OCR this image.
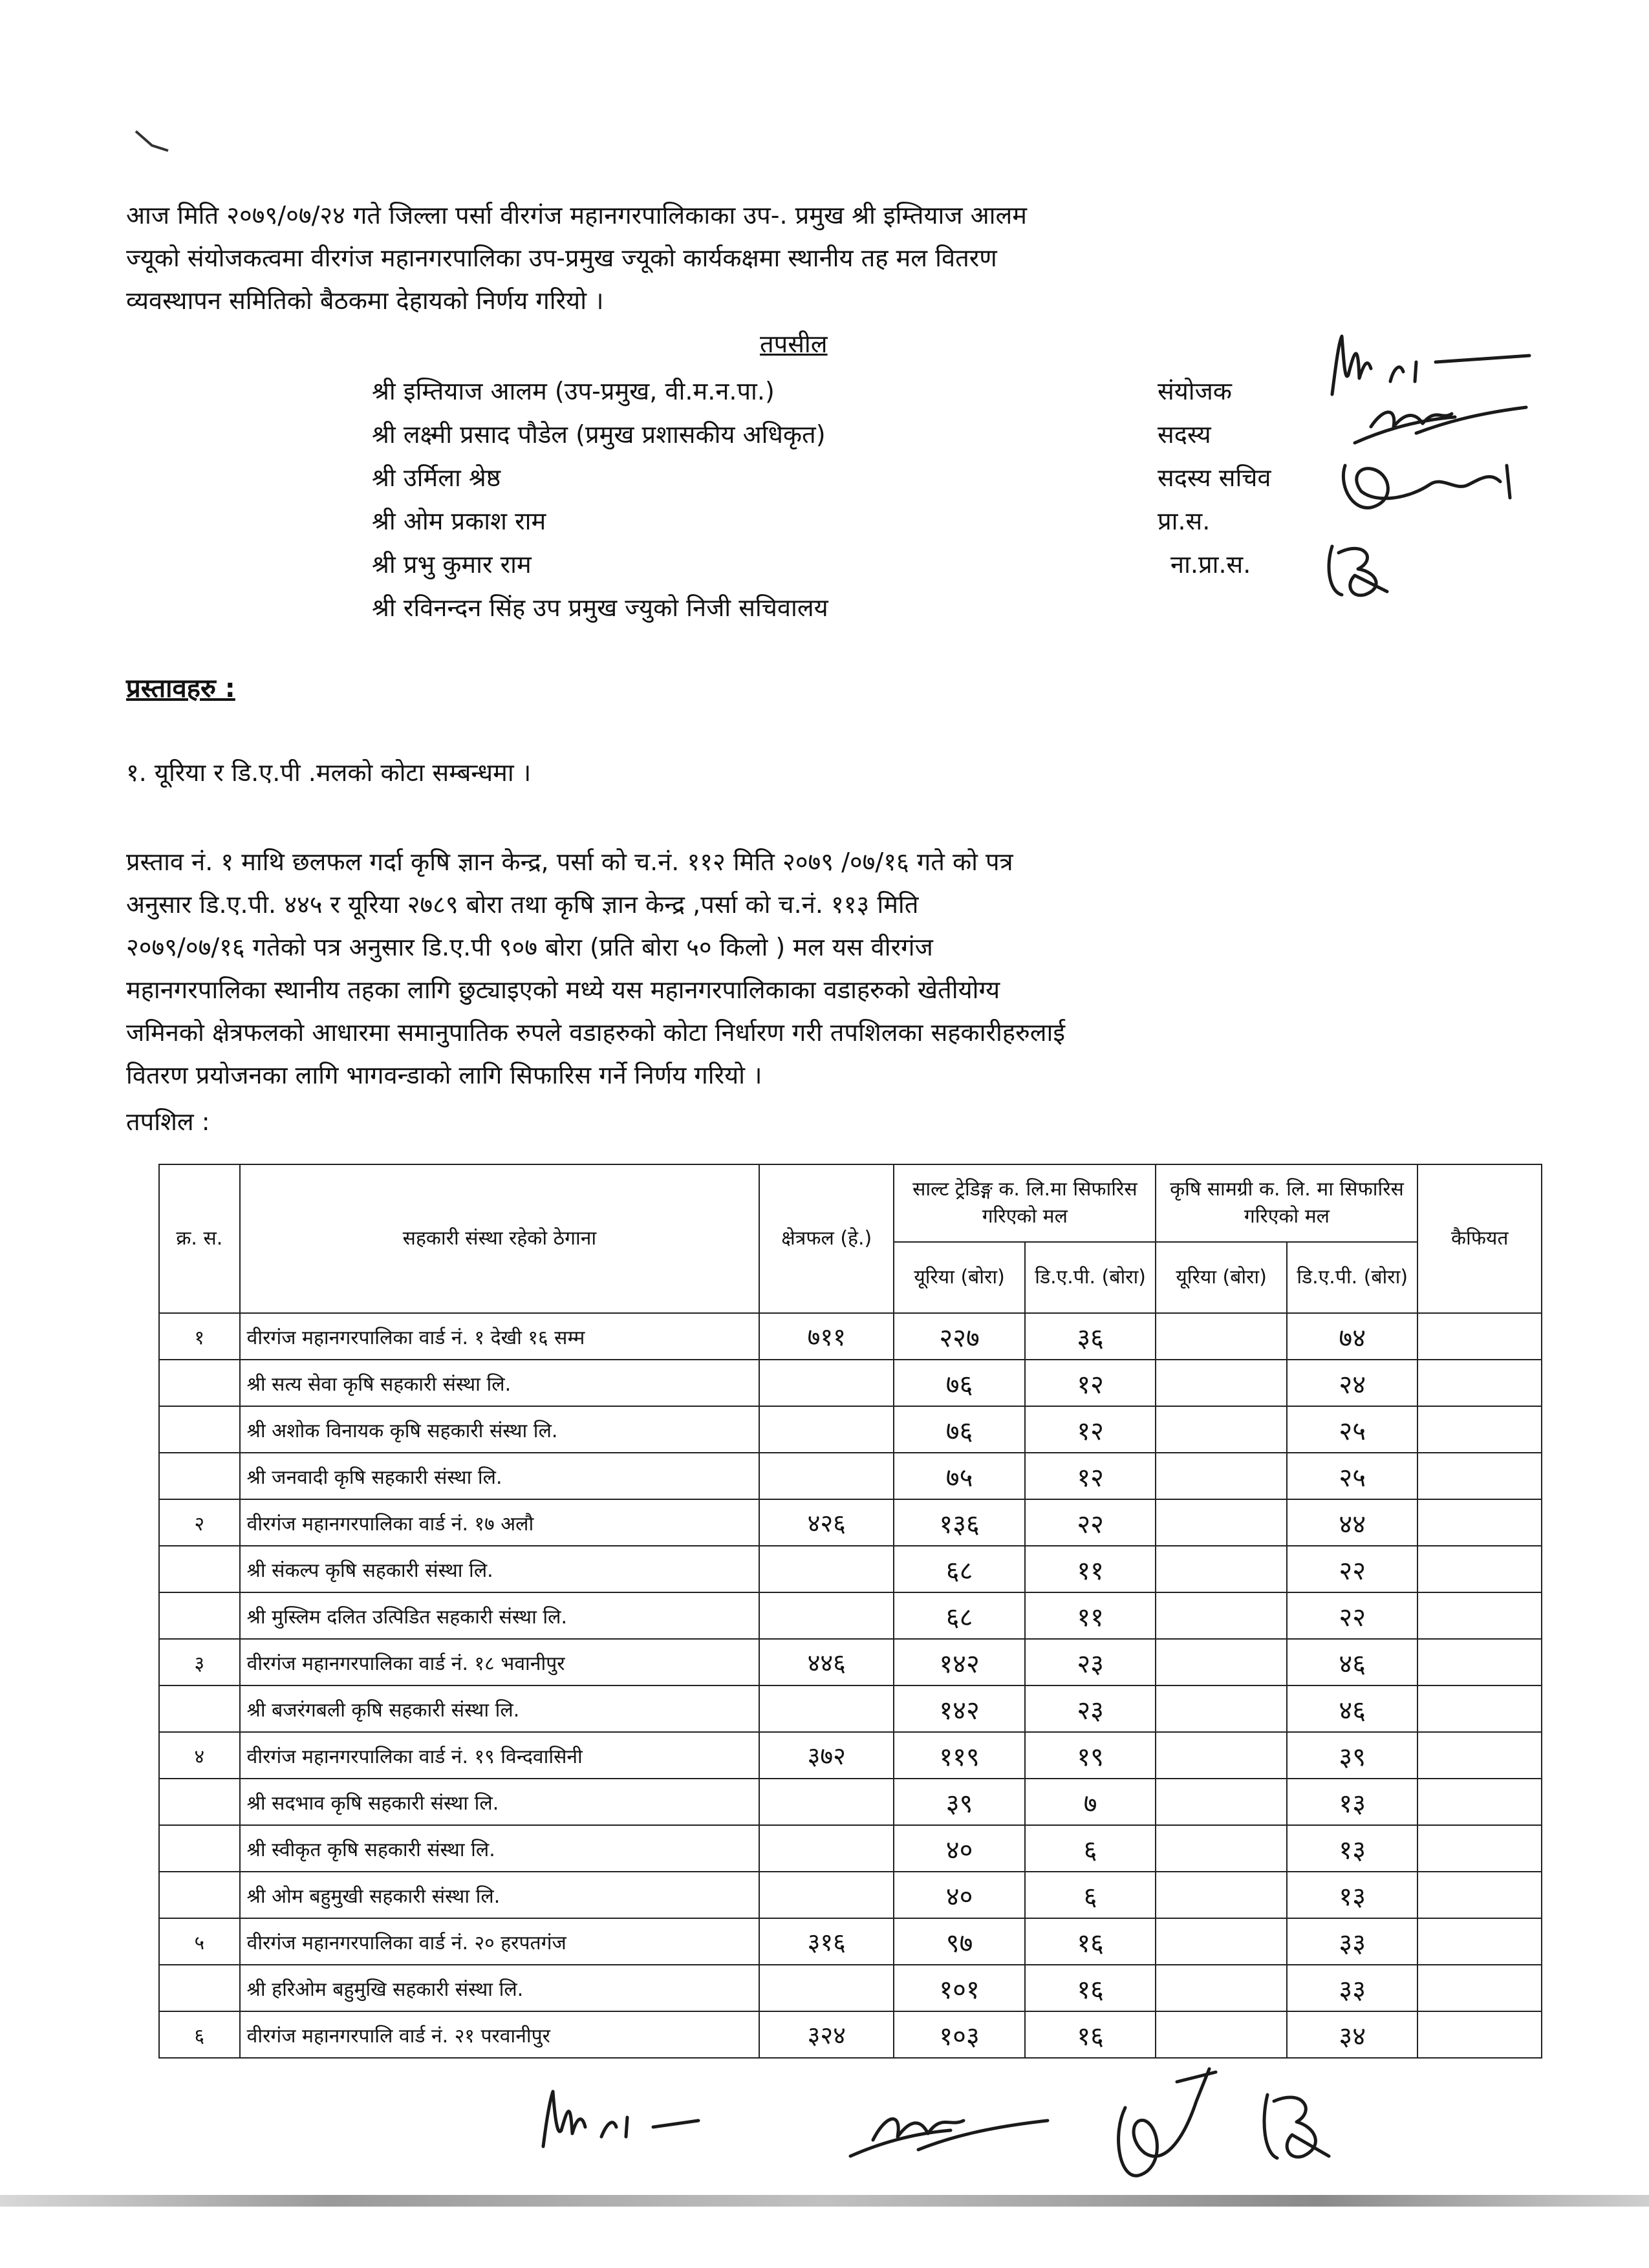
आज मिति २०७९/०७/२४ गते जिल्ला पर्सा वीरगंज महानगरपालिकाका उप-. प्रमुख श्री इम्तियाज आलम
ज्यूको संयोजकत्वमा वीरगंज महानगरपालिका उप-प्रमुख ज्यूको कार्यकक्षमा स्थानीय तह मल वितरण
व्यवस्थापन समितिको बैठकमा देहायको निर्णय गरियो ।
तपसील
श्री इम्तियाज आलम (उप-प्रमुख, वी.म.न.पा.)	संयोजक
श्री लक्ष्मी प्रसाद पौडेल (प्रमुख प्रशासकीय अधिकृत)	सदस्य
श्री उर्मिला श्रेष्ठ	सदस्य सचिव
श्री ओम प्रकाश राम	प्रा.स.
श्री प्रभु कुमार राम	ना.प्रा.स.
श्री रविनन्दन सिंह उप प्रमुख ज्युको निजी सचिवालय
प्रस्तावहरु :
१. यूरिया र डि.ए.पी .मलको कोटा सम्बन्धमा ।
प्रस्ताव नं. १ माथि छलफल गर्दा कृषि ज्ञान केन्द्र, पर्सा को च.नं. ११२ मिति २०७९ /०७/१६ गते को पत्र
अनुसार डि.ए.पी. ४४५ र यूरिया २७८९ बोरा तथा कृषि ज्ञान केन्द्र ,पर्सा को च.नं. ११३ मिति
२०७९/०७/१६ गतेको पत्र अनुसार डि.ए.पी ९०७ बोरा (प्रति बोरा ५० किलो ) मल यस वीरगंज
महानगरपालिका स्थानीय तहका लागि छुट्याइएको मध्ये यस महानगरपालिकाका वडाहरुको खेतीयोग्य
जमिनको क्षेत्रफलको आधारमा समानुपातिक रुपले वडाहरुको कोटा निर्धारण गरी तपशिलका सहकारीहरुलाई
वितरण प्रयोजनका लागि भागवन्डाको लागि सिफारिस गर्ने निर्णय गरियो ।
तपशिल :
क्र. स.	सहकारी संस्था रहेको ठेगाना	क्षेत्रफल (हे.)	साल्ट ट्रेडिङ्ग क. लि.मा सिफारिस गरिएको मल		कृषि सामग्री क. लि. मा सिफारिस गरिएको मल		कैफियत
			यूरिया (बोरा)	डि.ए.पी. (बोरा)	यूरिया (बोरा)	डि.ए.पी. (बोरा)	
१	वीरगंज महानगरपालिका वार्ड नं. १ देखी १६ सम्म	७११	२२७	३६		७४	
	श्री सत्य सेवा कृषि सहकारी संस्था लि.		७६	१२		२४	
	श्री अशोक विनायक कृषि सहकारी संस्था लि.		७६	१२		२५	
	श्री जनवादी कृषि सहकारी संस्था लि.		७५	१२		२५	
२	वीरगंज महानगरपालिका वार्ड नं. १७ अलौ	४२६	१३६	२२		४४	
	श्री संकल्प कृषि सहकारी संस्था लि.		६८	११		२२	
	श्री मुस्लिम दलित उत्पिडित सहकारी संस्था लि.		६८	११		२२	
३	वीरगंज महानगरपालिका वार्ड नं. १८ भवानीपुर	४४६	१४२	२३		४६	
	श्री बजरंगबली कृषि सहकारी संस्था लि.		१४२	२३		४६	
४	वीरगंज महानगरपालिका वार्ड नं. १९ विन्दवासिनी	३७२	११९	१९		३९	
	श्री सदभाव कृषि सहकारी संस्था लि.		३९	७		१३	
	श्री स्वीकृत कृषि सहकारी संस्था लि.		४०	६		१३	
	श्री ओम बहुमुखी सहकारी संस्था लि.		४०	६		१३	
५	वीरगंज महानगरपालिका वार्ड नं. २० हरपतगंज	३१६	९७	१६		३३	
	श्री हरिओम बहुमुखि सहकारी संस्था लि.		१०१	१६		३३	
६	वीरगंज महानगरपालि वार्ड नं. २१ परवानीपुर	३२४	१०३	१६		३४	
